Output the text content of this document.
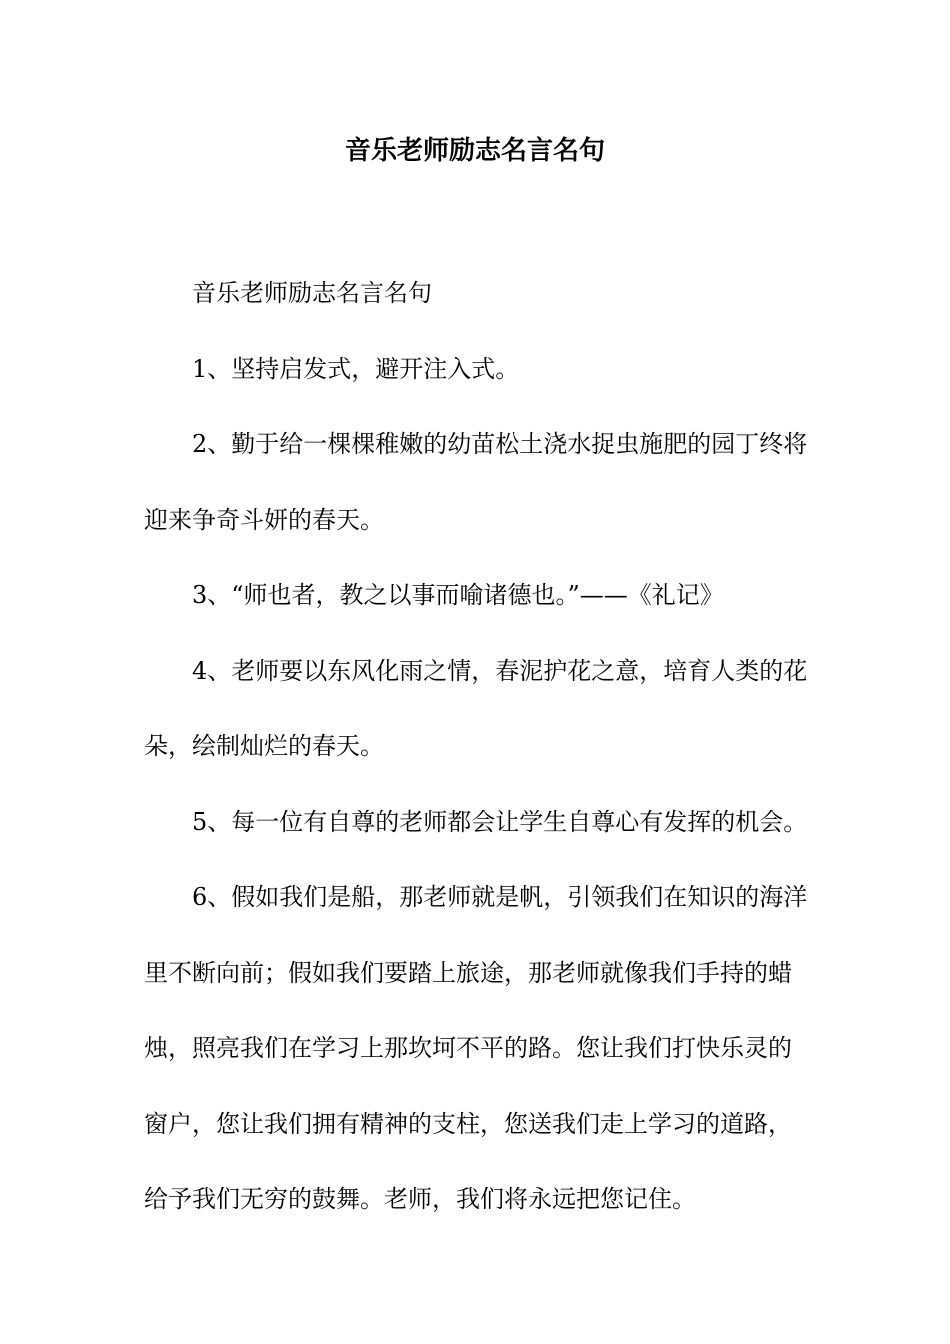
音乐老师励志名言名句

音乐老师励志名言名句

1、坚持启发式，避开注入式。

2、勤于给一棵棵稚嫩的幼苗松土浇水捉虫施肥的园丁终将迎来争奇斗妍的春天。

3、“师也者，教之以事而喻诸德也。”——《礼记》

4、老师要以东风化雨之情，春泥护花之意，培育人类的花朵，绘制灿烂的春天。

5、每一位有自尊的老师都会让学生自尊心有发挥的机会。

6、假如我们是船，那老师就是帆，引领我们在知识的海洋里不断向前；假如我们要踏上旅途，那老师就像我们手持的蜡烛，照亮我们在学习上那坎坷不平的路。您让我们打快乐灵的窗户，您让我们拥有精神的支柱，您送我们走上学习的道路，给予我们无穷的鼓舞。老师，我们将永远把您记住。
